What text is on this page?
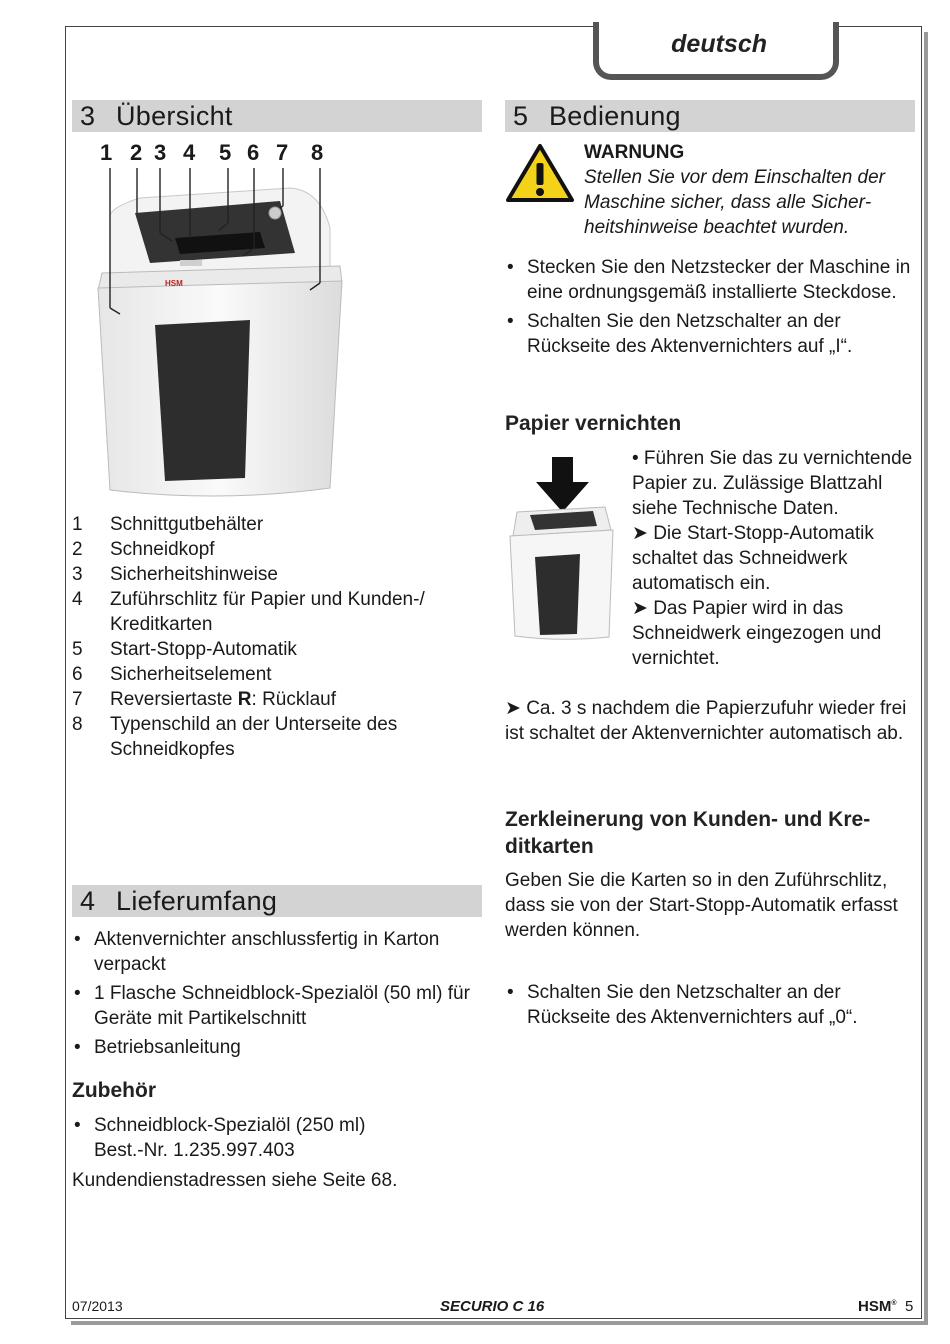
deutsch
3 Übersicht
1 2 3 4 5 6 7 8
HSM
1 Schnittgutbehälter
2 Schneidkopf
3 Sicherheitshinweise
4 Zuführschlitz für Papier und Kunden-/ Kreditkarten
5 Start-Stopp-Automatik
6 Sicherheitselement
7 Reversiertaste R: Rücklauf
8 Typenschild an der Unterseite des Schneidkopfes
4 Lieferumfang
• Aktenvernichter anschlussfertig in Karton verpackt
• 1 Flasche Schneidblock-Spezialöl (50 ml) für Geräte mit Partikelschnitt
• Betriebsanleitung
Zubehör
• Schneidblock-Spezialöl (250 ml)
Best.-Nr. 1.235.997.403
Kundendienstadressen siehe Seite 68.
5 Bedienung
WARNUNG
Stellen Sie vor dem Einschalten der Maschine sicher, dass alle Sicherheitshinweise beachtet wurden.
• Stecken Sie den Netzstecker der Maschine in eine ordnungsgemäß installierte Steckdose.
• Schalten Sie den Netzschalter an der Rückseite des Aktenvernichters auf „I“.
Papier vernichten
• Führen Sie das zu vernichtende Papier zu. Zulässige Blattzahl siehe Technische Daten.
➤ Die Start-Stopp-Automatik schaltet das Schneidwerk automatisch ein.
➤ Das Papier wird in das Schneidwerk eingezogen und vernichtet.
➤ Ca. 3 s nachdem die Papierzufuhr wieder frei ist schaltet der Aktenvernichter automatisch ab.
Zerkleinerung von Kunden- und Kreditkarten
Geben Sie die Karten so in den Zuführschlitz, dass sie von der Start-Stopp-Automatik erfasst werden können.
• Schalten Sie den Netzschalter an der Rückseite des Aktenvernichters auf „0“.
07/2013	SECURIO C 16	HSM® 5
